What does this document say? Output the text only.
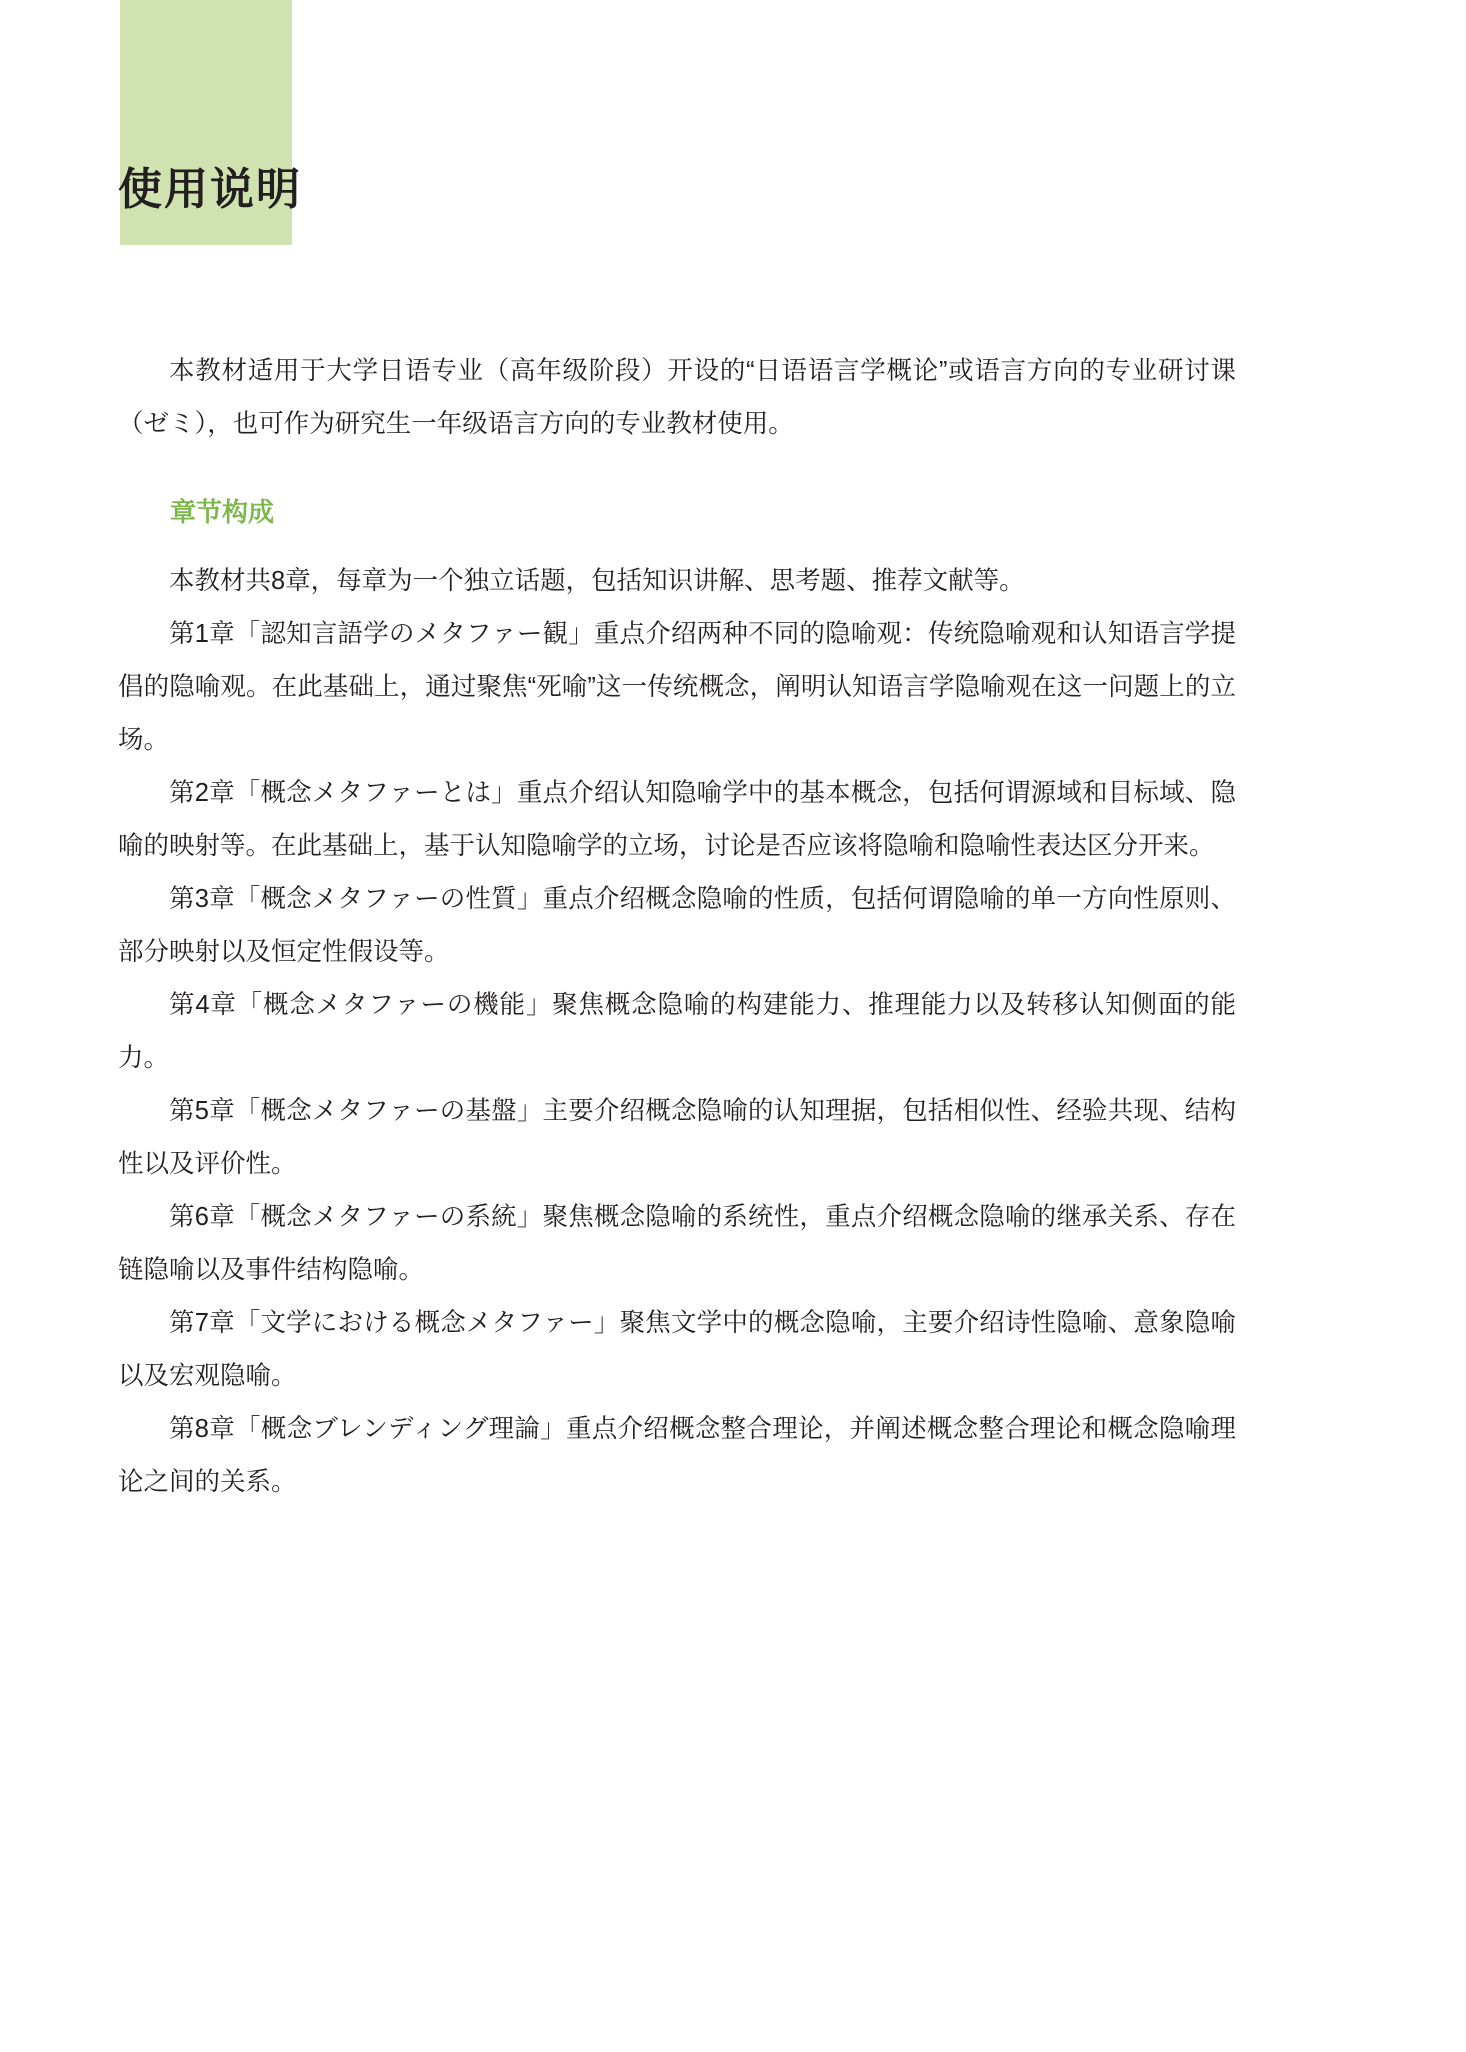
使用说明

本教材适用于大学日语专业（高年级阶段）开设的“日语语言学概论”或语言方向的专业研讨课（ゼミ），也可作为研究生一年级语言方向的专业教材使用。

章节构成

本教材共8章，每章为一个独立话题，包括知识讲解、思考题、推荐文献等。

第1章「認知言語学のメタファー観」重点介绍两种不同的隐喻观：传统隐喻观和认知语言学提倡的隐喻观。在此基础上，通过聚焦“死喻”这一传统概念，阐明认知语言学隐喻观在这一问题上的立场。

第2章「概念メタファーとは」重点介绍认知隐喻学中的基本概念，包括何谓源域和目标域、隐喻的映射等。在此基础上，基于认知隐喻学的立场，讨论是否应该将隐喻和隐喻性表达区分开来。

第3章「概念メタファーの性質」重点介绍概念隐喻的性质，包括何谓隐喻的单一方向性原则、部分映射以及恒定性假设等。

第4章「概念メタファーの機能」聚焦概念隐喻的构建能力、推理能力以及转移认知侧面的能力。

第5章「概念メタファーの基盤」主要介绍概念隐喻的认知理据，包括相似性、经验共现、结构性以及评价性。

第6章「概念メタファーの系統」聚焦概念隐喻的系统性，重点介绍概念隐喻的继承关系、存在链隐喻以及事件结构隐喻。

第7章「文学における概念メタファー」聚焦文学中的概念隐喻，主要介绍诗性隐喻、意象隐喻以及宏观隐喻。

第8章「概念ブレンディング理論」重点介绍概念整合理论，并阐述概念整合理论和概念隐喻理论之间的关系。
